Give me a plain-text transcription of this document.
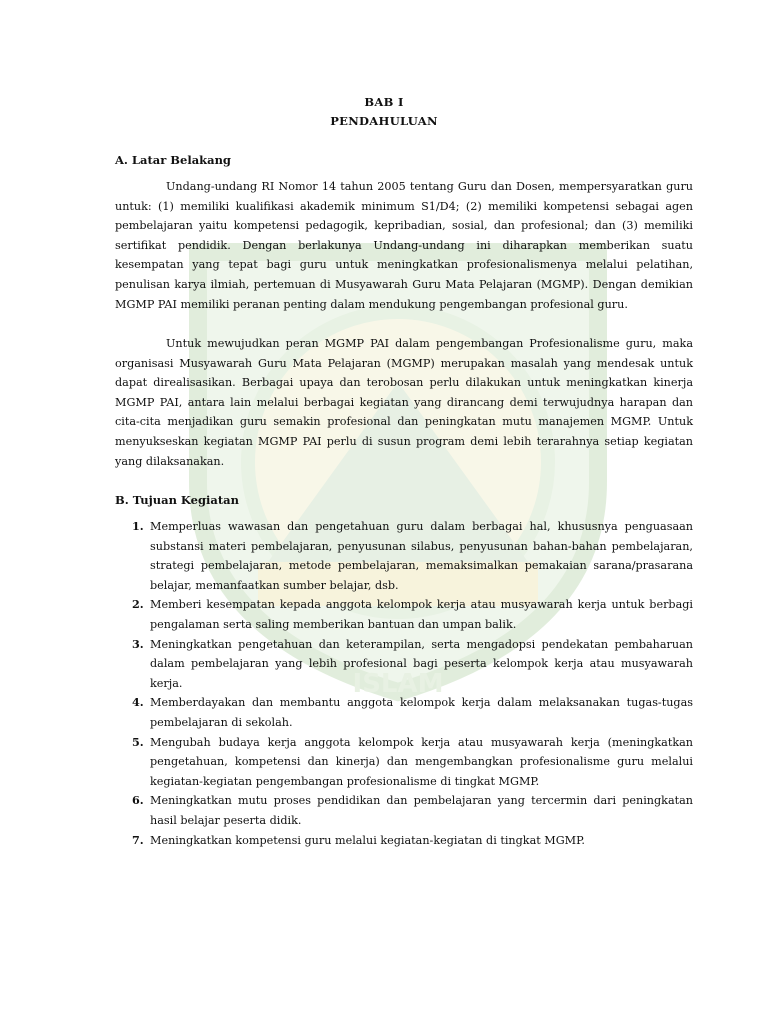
ISLAM
BAB I
PENDAHULUAN
A. Latar Belakang
Undang-undang RI Nomor 14 tahun 2005 tentang Guru dan Dosen, mempersyaratkan guru untuk: (1) memiliki kualifikasi akademik minimum S1/D4; (2) memiliki kompetensi sebagai agen pembelajaran yaitu kompetensi pedagogik, kepribadian, sosial, dan profesional; dan (3) memiliki sertifikat pendidik. Dengan berlakunya Undang-undang ini diharapkan memberikan suatu kesempatan yang tepat bagi guru untuk meningkatkan profesionalismenya melalui pelatihan, penulisan karya ilmiah, pertemuan di Musyawarah Guru Mata Pelajaran (MGMP). Dengan demikian MGMP PAI memiliki peranan penting dalam mendukung pengembangan profesional guru.
Untuk mewujudkan peran MGMP PAI dalam pengembangan Profesionalisme guru, maka organisasi Musyawarah Guru Mata Pelajaran (MGMP) merupakan masalah yang mendesak untuk dapat direalisasikan. Berbagai upaya dan terobosan perlu dilakukan untuk meningkatkan kinerja MGMP PAI, antara lain melalui berbagai kegiatan yang dirancang demi terwujudnya harapan dan cita-cita menjadikan guru semakin profesional dan peningkatan mutu manajemen MGMP. Untuk menyukseskan kegiatan MGMP PAI perlu di susun program demi lebih terarahnya setiap kegiatan yang dilaksanakan.
B. Tujuan Kegiatan
1. Memperluas wawasan dan pengetahuan guru dalam berbagai hal, khususnya penguasaan substansi materi pembelajaran, penyusunan silabus, penyusunan bahan-bahan pembelajaran, strategi pembelajaran, metode pembelajaran, memaksimalkan pemakaian sarana/prasarana belajar, memanfaatkan sumber belajar, dsb.
2. Memberi kesempatan kepada anggota kelompok kerja atau musyawarah kerja untuk berbagi pengalaman serta saling memberikan bantuan dan umpan balik.
3. Meningkatkan pengetahuan dan keterampilan, serta mengadopsi pendekatan pembaharuan dalam pembelajaran yang lebih profesional bagi peserta kelompok kerja atau musyawarah kerja.
4. Memberdayakan dan membantu anggota kelompok kerja dalam melaksanakan tugas-tugas pembelajaran di sekolah.
5. Mengubah budaya kerja anggota kelompok kerja atau musyawarah kerja (meningkatkan pengetahuan, kompetensi dan kinerja) dan mengembangkan profesionalisme guru melalui kegiatan-kegiatan pengembangan profesionalisme di tingkat MGMP.
6. Meningkatkan mutu proses pendidikan dan pembelajaran yang tercermin dari peningkatan hasil belajar peserta didik.
7. Meningkatkan kompetensi guru melalui kegiatan-kegiatan di tingkat MGMP.
